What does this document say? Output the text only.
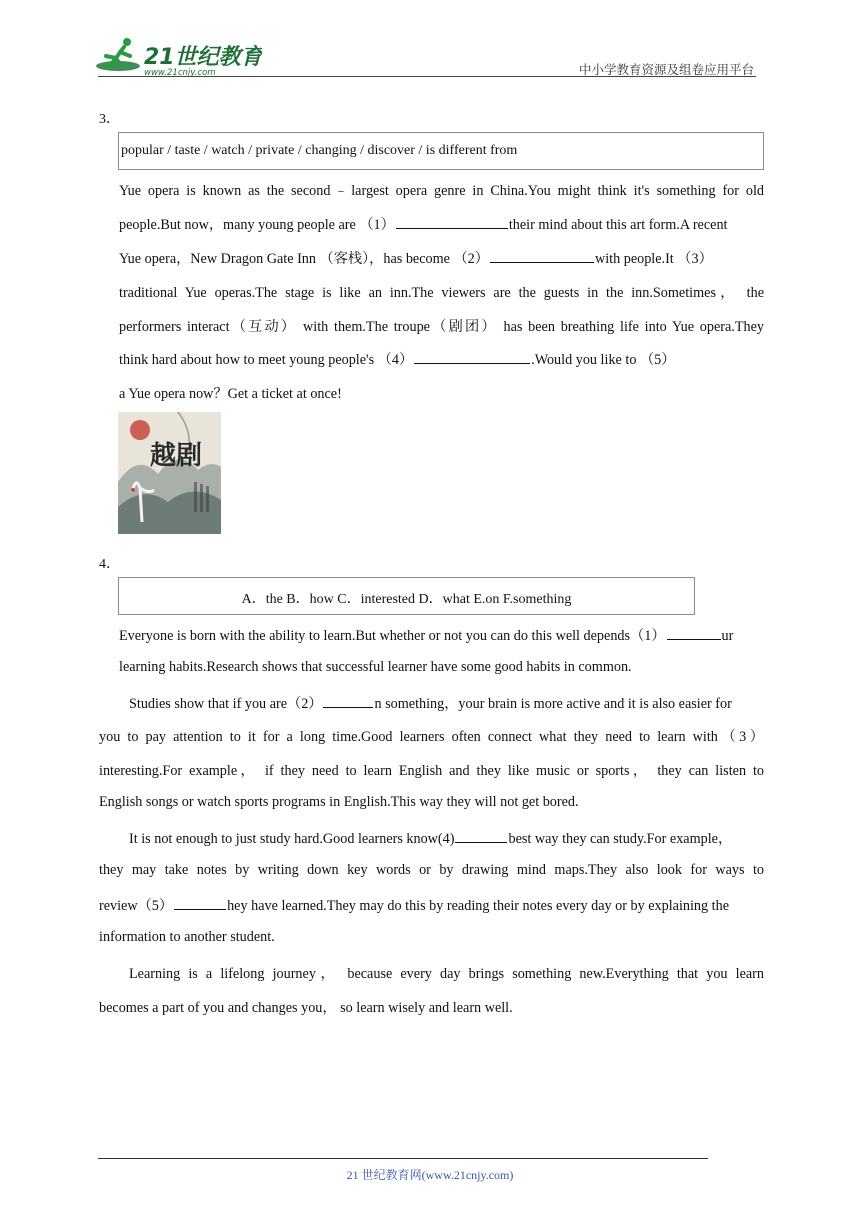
21世纪教育
www.21cnjy.com	中小学教育资源及组卷应用平台
3．
popular / taste / watch / private / changing / discover / is different from
Yue opera is known as the second﹣largest opera genre in China.You might think it's something for old
people.But now，many young people are （1）	their mind about this art form.A recent
Yue opera，New Dragon Gate Inn （客栈），has become （2）	with people.It （3）
traditional Yue operas.The stage is like an inn.The viewers are the guests in the inn.Sometimes， the
performers interact（互动） with them.The troupe（剧团） has been breathing life into Yue opera.They
think hard about how to meet young people's （4）	.Would you like to （5）
a Yue opera now？Get a ticket at once!
越剧
4．
A．the B．how C．interested D．what E.on F.something
Everyone is born with the ability to learn.But whether or not you can do this well depends（1）	ur
learning habits.Research shows that successful learner have some good habits in common.
Studies show that if you are（2）	n something，your brain is more active and it is also easier for
you to pay attention to it for a long time.Good learners often connect what they need to learn with（3）
interesting.For example， if they need to learn English and they like music or sports， they can listen to
English songs or watch sports programs in English.This way they will not get bored.
It is not enough to just study hard.Good learners know(4)	best way they can study.For example，
they may take notes by writing down key words or by drawing mind maps.They also look for ways to
review（5）	hey have learned.They may do this by reading their notes every day or by explaining the
information to another student.
Learning is a lifelong journey， because every day brings something new.Everything that you learn
becomes a part of you and changes you， so learn wisely and learn well.
21 世纪教育网(www.21cnjy.com)
